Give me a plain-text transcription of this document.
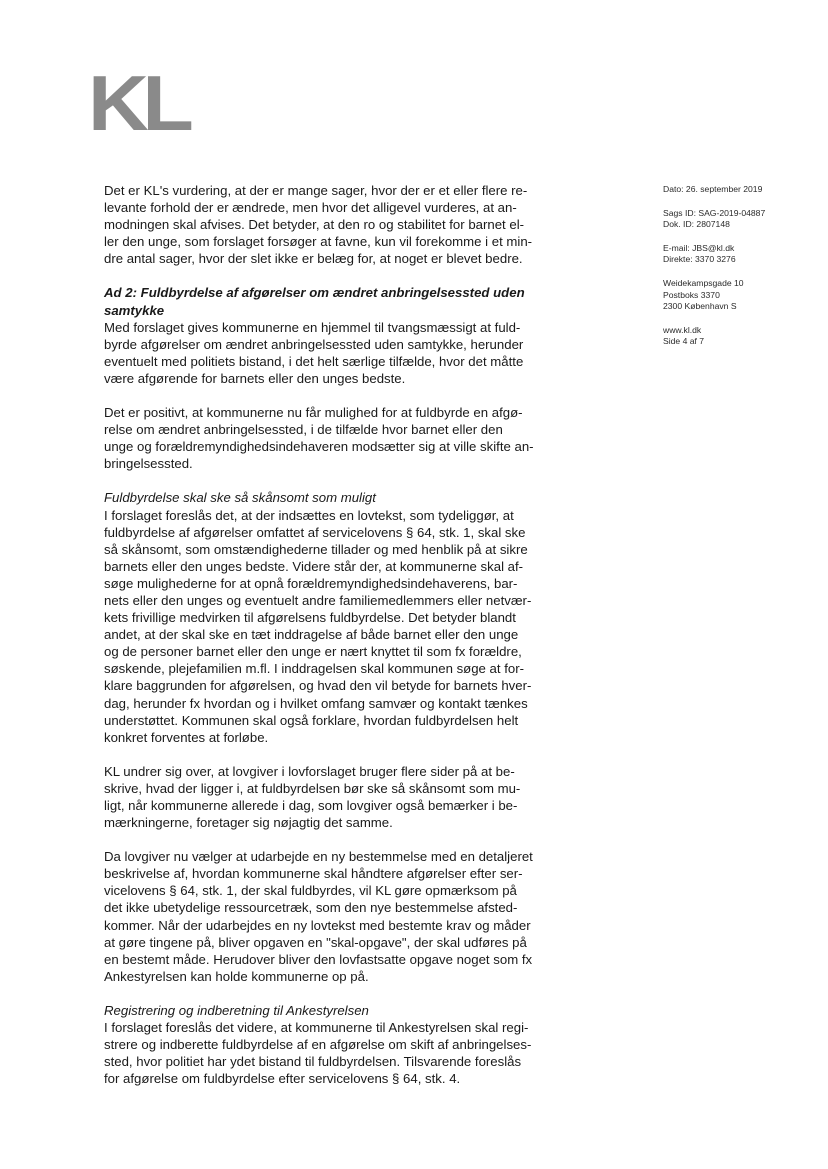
KL

Det er KL's vurdering, at der er mange sager, hvor der er et eller flere re-
levante forhold der er ændrede, men hvor det alligevel vurderes, at an-
modningen skal afvises. Det betyder, at den ro og stabilitet for barnet el-
ler den unge, som forslaget forsøger at favne, kun vil forekomme i et min-
dre antal sager, hvor der slet ikke er belæg for, at noget er blevet bedre.

Ad 2: Fuldbyrdelse af afgørelser om ændret anbringelsessted uden
samtykke

Med forslaget gives kommunerne en hjemmel til tvangsmæssigt at fuld-
byrde afgørelser om ændret anbringelsessted uden samtykke, herunder
eventuelt med politiets bistand, i det helt særlige tilfælde, hvor det måtte
være afgørende for barnets eller den unges bedste.

Det er positivt, at kommunerne nu får mulighed for at fuldbyrde en afgø-
relse om ændret anbringelsessted, i de tilfælde hvor barnet eller den
unge og forældremyndighedsindehaveren modsætter sig at ville skifte an-
bringelsessted.

Fuldbyrdelse skal ske så skånsomt som muligt

I forslaget foreslås det, at der indsættes en lovtekst, som tydeliggør, at
fuldbyrdelse af afgørelser omfattet af servicelovens § 64, stk. 1, skal ske
så skånsomt, som omstændighederne tillader og med henblik på at sikre
barnets eller den unges bedste. Videre står der, at kommunerne skal af-
søge mulighederne for at opnå forældremyndighedsindehaverens, bar-
nets eller den unges og eventuelt andre familiemedlemmers eller netvær-
kets frivillige medvirken til afgørelsens fuldbyrdelse. Det betyder blandt
andet, at der skal ske en tæt inddragelse af både barnet eller den unge
og de personer barnet eller den unge er nært knyttet til som fx forældre,
søskende, plejefamilien m.fl. I inddragelsen skal kommunen søge at for-
klare baggrunden for afgørelsen, og hvad den vil betyde for barnets hver-
dag, herunder fx hvordan og i hvilket omfang samvær og kontakt tænkes
understøttet. Kommunen skal også forklare, hvordan fuldbyrdelsen helt
konkret forventes at forløbe.

KL undrer sig over, at lovgiver i lovforslaget bruger flere sider på at be-
skrive, hvad der ligger i, at fuldbyrdelsen bør ske så skånsomt som mu-
ligt, når kommunerne allerede i dag, som lovgiver også bemærker i be-
mærkningerne, foretager sig nøjagtig det samme.

Da lovgiver nu vælger at udarbejde en ny bestemmelse med en detaljeret
beskrivelse af, hvordan kommunerne skal håndtere afgørelser efter ser-
vicelovens § 64, stk. 1, der skal fuldbyrdes, vil KL gøre opmærksom på
det ikke ubetydelige ressourcetræk, som den nye bestemmelse afsted-
kommer. Når der udarbejdes en ny lovtekst med bestemte krav og måder
at gøre tingene på, bliver opgaven en "skal-opgave", der skal udføres på
en bestemt måde. Herudover bliver den lovfastsatte opgave noget som fx
Ankestyrelsen kan holde kommunerne op på.

Registrering og indberetning til Ankestyrelsen

I forslaget foreslås det videre, at kommunerne til Ankestyrelsen skal regi-
strere og indberette fuldbyrdelse af en afgørelse om skift af anbringelses-
sted, hvor politiet har ydet bistand til fuldbyrdelsen. Tilsvarende foreslås
for afgørelse om fuldbyrdelse efter servicelovens § 64, stk. 4.

Dato: 26. september 2019
Sags ID: SAG-2019-04887
Dok. ID: 2807148
E-mail: JBS@kl.dk
Direkte: 3370 3276
Weidekampsgade 10
Postboks 3370
2300 København S
www.kl.dk
Side 4 af 7
